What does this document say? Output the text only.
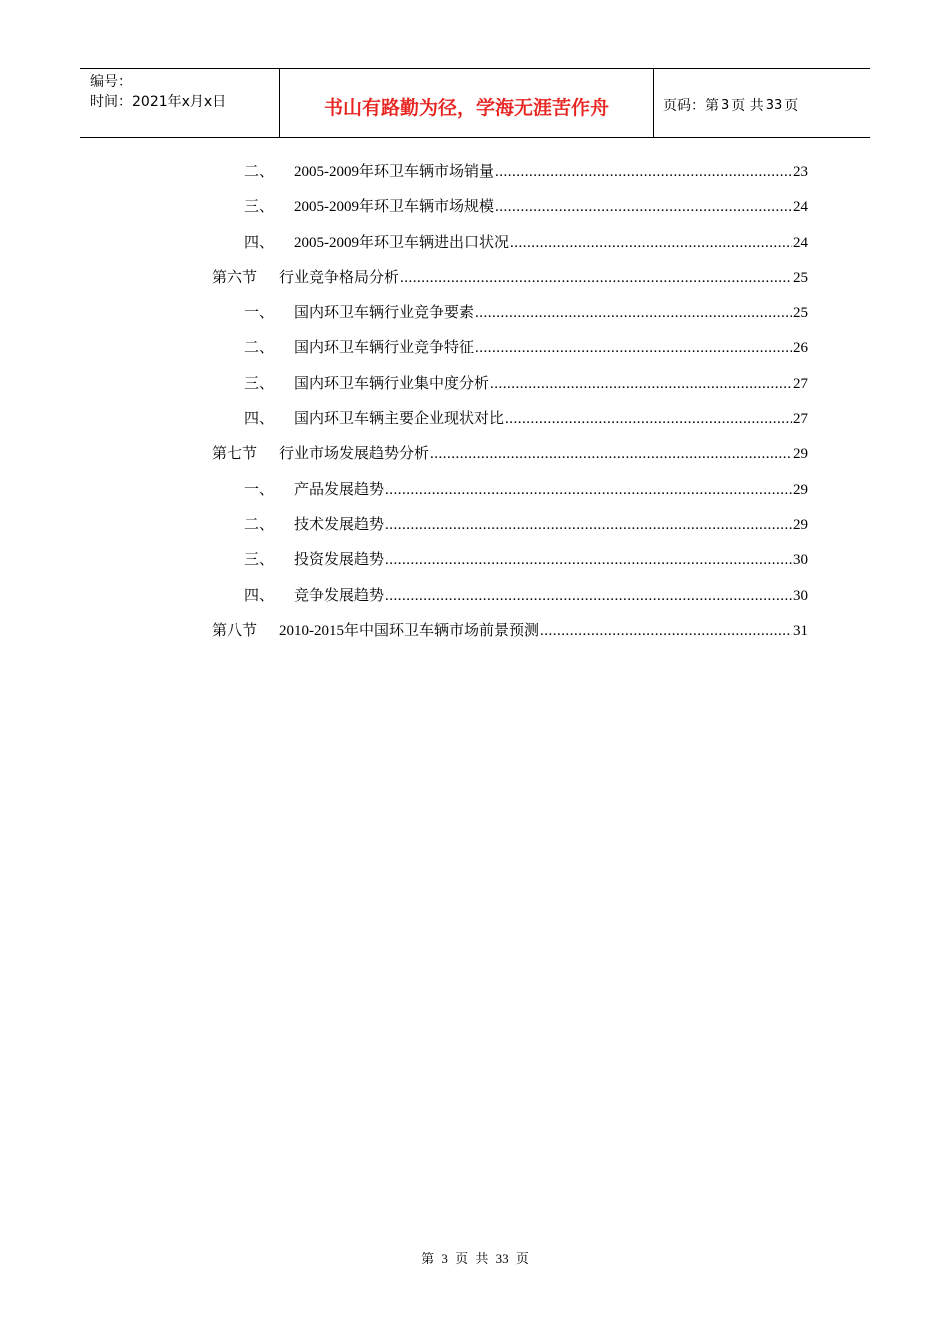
编号：
时间：2021年x月x日	书山有路勤为径，学海无涯苦作舟	页码：第 3 页 共 33 页
二、	2005-2009年环卫车辆市场销量 .....	23
三、	2005-2009年环卫车辆市场规模 .....	24
四、	2005-2009年环卫车辆进出口状况 .....	24
第六节	行业竞争格局分析 .....	25
一、	国内环卫车辆行业竞争要素 .....	25
二、	国内环卫车辆行业竞争特征 .....	26
三、	国内环卫车辆行业集中度分析 .....	27
四、	国内环卫车辆主要企业现状对比 .....	27
第七节	行业市场发展趋势分析 .....	29
一、	产品发展趋势 .....	29
二、	技术发展趋势 .....	29
三、	投资发展趋势 .....	30
四、	竞争发展趋势 .....	30
第八节	2010-2015年中国环卫车辆市场前景预测 .....	31
第 3 页 共 33 页
